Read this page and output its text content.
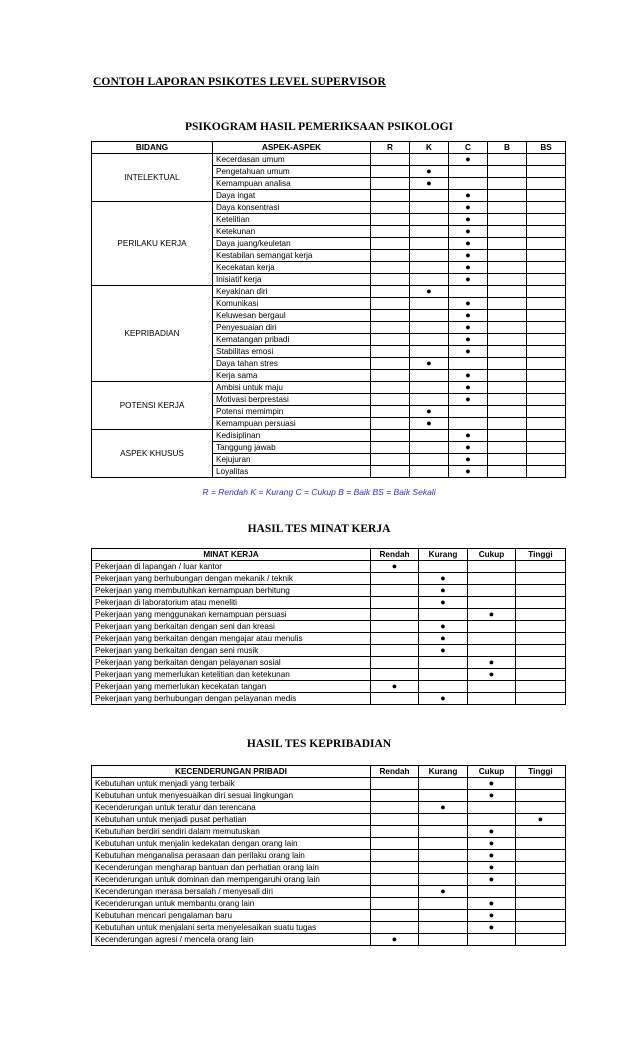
CONTOH LAPORAN PSIKOTES LEVEL SUPERVISOR
PSIKOGRAM HASIL PEMERIKSAAN PSIKOLOGI
BIDANG	ASPEK-ASPEK	R	K	C	B	BS
INTELEKTUAL	Kecerdasan umum			●		
	Pengetahuan umum		●			
	Kemampuan analisa		●			
	Daya ingat			●		
PERILAKU KERJA	Daya konsentrasi			●		
	Ketelitian			●		
	Ketekunan			●		
	Daya juang/keuletan			●		
	Kestabilan semangat kerja			●		
	Kecekatan kerja			●		
	Inisiatif kerja			●		
KEPRIBADIAN	Keyakinan diri		●			
	Komunikasi			●		
	Keluwesan bergaul			●		
	Penyesuaian diri			●		
	Kematangan pribadi			●		
	Stabilitas emosi			●		
	Daya tahan stres		●			
	Kerja sama			●		
POTENSI KERJA	Ambisi untuk maju			●		
	Motivasi berprestasi			●		
	Potensi memimpin		●			
	Kemampuan persuasi		●			
ASPEK KHUSUS	Kedisiplinan			●		
	Tanggung jawab			●		
	Kejujuran			●		
	Loyalitas			●		
R = Rendah K = Kurang C = Cukup B = Baik BS = Baik Sekali
HASIL TES MINAT KERJA
MINAT KERJA	Rendah	Kurang	Cukup	Tinggi
Pekerjaan di lapangan / luar kantor	●			
Pekerjaan yang berhubungan dengan mekanik / teknik		●		
Pekerjaan yang membutuhkan kemampuan berhitung		●		
Pekerjaan di laboratorium atau meneliti		●		
Pekerjaan yang menggunakan kemampuan persuasi			●	
Pekerjaan yang berkaitan dengan seni dan kreasi		●		
Pekerjaan yang berkaitan dengan mengajar atau menulis		●		
Pekerjaan yang berkaitan dengan seni musik		●		
Pekerjaan yang berkaitan dengan pelayanan sosial			●	
Pekerjaan yang memerlukan ketelitian dan ketekunan			●	
Pekerjaan yang memerlukan kecekatan tangan	●			
Pekerjaan yang berhubungan dengan pelayanan medis		●		
HASIL TES KEPRIBADIAN
KECENDERUNGAN PRIBADI	Rendah	Kurang	Cukup	Tinggi
Kebutuhan untuk menjadi yang terbaik			●	
Kebutuhan untuk menyesuaikan diri sesuai lingkungan			●	
Kecenderungan untuk teratur dan terencana		●		
Kebutuhan untuk menjadi pusat perhatian				●
Kebutuhan berdiri sendiri dalam memutuskan			●	
Kebutuhan untuk menjalin kedekatan dengan orang lain			●	
Kebutuhan menganalisa perasaan dan perilaku orang lain			●	
Kecenderungan mengharap bantuan dan perhatian orang lain			●	
Kecenderungan untuk dominan dan mempengaruhi orang lain			●	
Kecenderungan merasa bersalah / menyesali diri		●		
Kecenderungan untuk membantu orang lain			●	
Kebutuhan mencari pengalaman baru			●	
Kebutuhan untuk menjalani serta menyelesaikan suatu tugas			●	
Kecenderungan agresi / mencela orang lain	●			
